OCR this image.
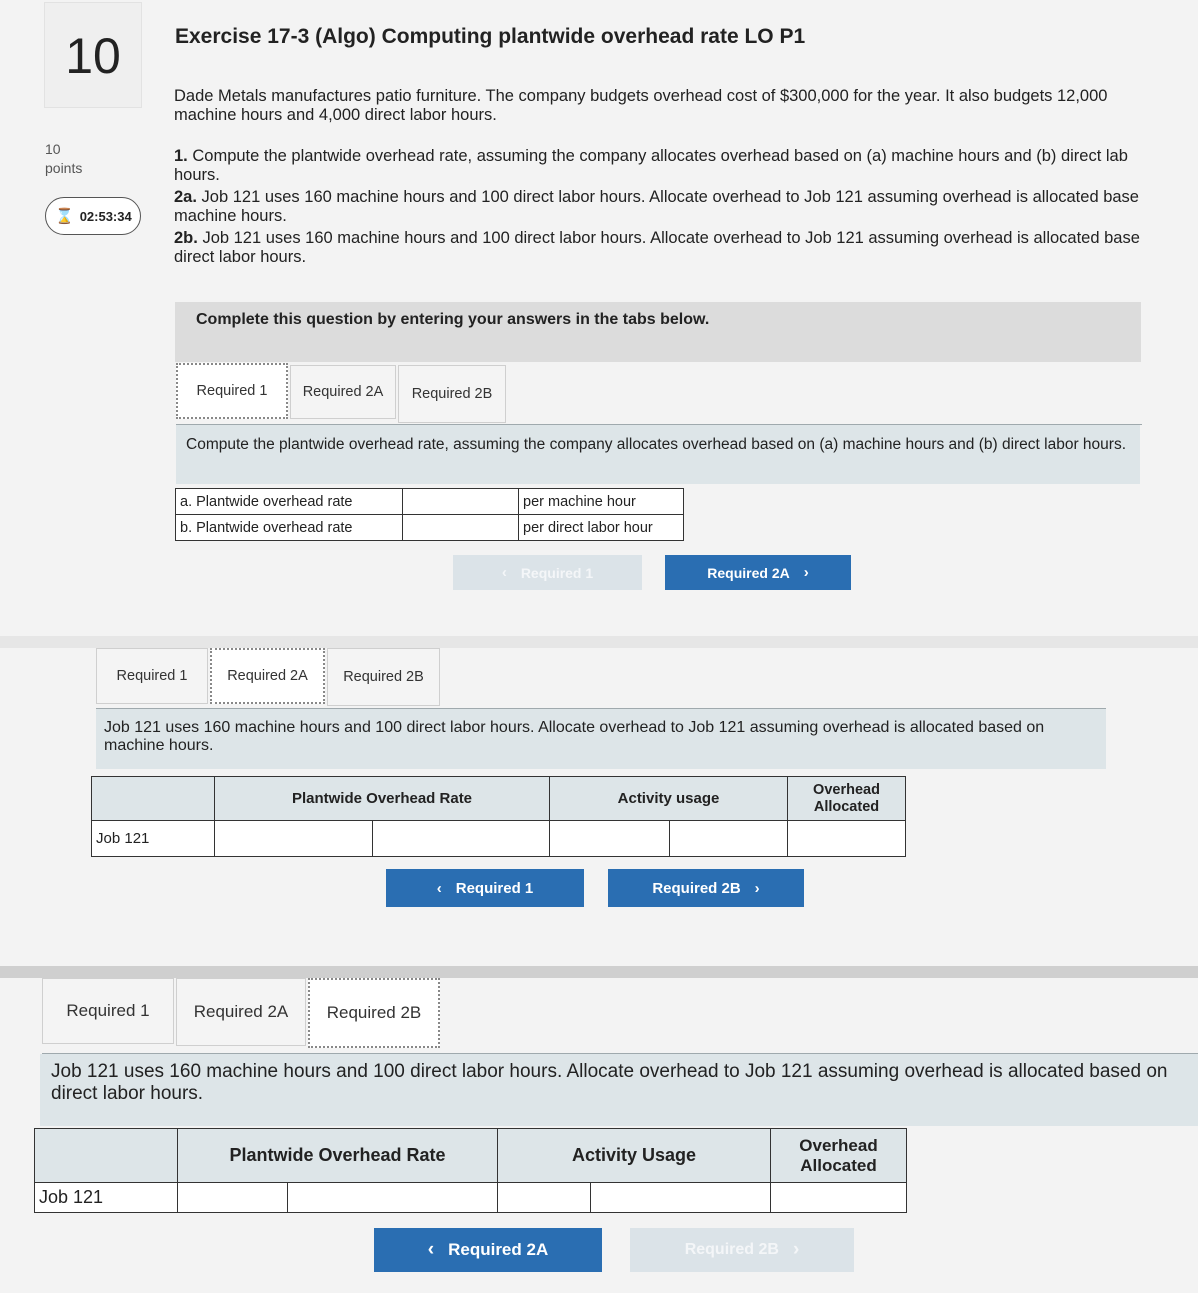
10
10
points
⌛ 02:53:34
Exercise 17-3 (Algo) Computing plantwide overhead rate LO P1
Dade Metals manufactures patio furniture. The company budgets overhead cost of $300,000 for the year. It also budgets 12,000
machine hours and 4,000 direct labor hours.
1. Compute the plantwide overhead rate, assuming the company allocates overhead based on (a) machine hours and (b) direct lab
hours.
2a. Job 121 uses 160 machine hours and 100 direct labor hours. Allocate overhead to Job 121 assuming overhead is allocated base
machine hours.
2b. Job 121 uses 160 machine hours and 100 direct labor hours. Allocate overhead to Job 121 assuming overhead is allocated base
direct labor hours.
Complete this question by entering your answers in the tabs below.
Required 1 Required 2A Required 2B
Compute the plantwide overhead rate, assuming the company allocates overhead based on (a) machine hours and (b) direct labor hours.
a. Plantwide overhead rate		per machine hour
b. Plantwide overhead rate		per direct labor hour
‹ Required 1	Required 2A ›
Required 1	Required 2A Required 2B
Job 121 uses 160 machine hours and 100 direct labor hours. Allocate overhead to Job 121 assuming overhead is allocated based on machine hours.
	Plantwide Overhead Rate		Activity usage		Overhead Allocated
Job 121					
‹ Required 1	Required 2B ›
Required 1	Required 2A Required 2B
Job 121 uses 160 machine hours and 100 direct labor hours. Allocate overhead to Job 121 assuming overhead is allocated based on direct labor hours.
	Plantwide Overhead Rate		Activity Usage		Overhead Allocated
Job 121					
‹ Required 2A	Required 2B ›
